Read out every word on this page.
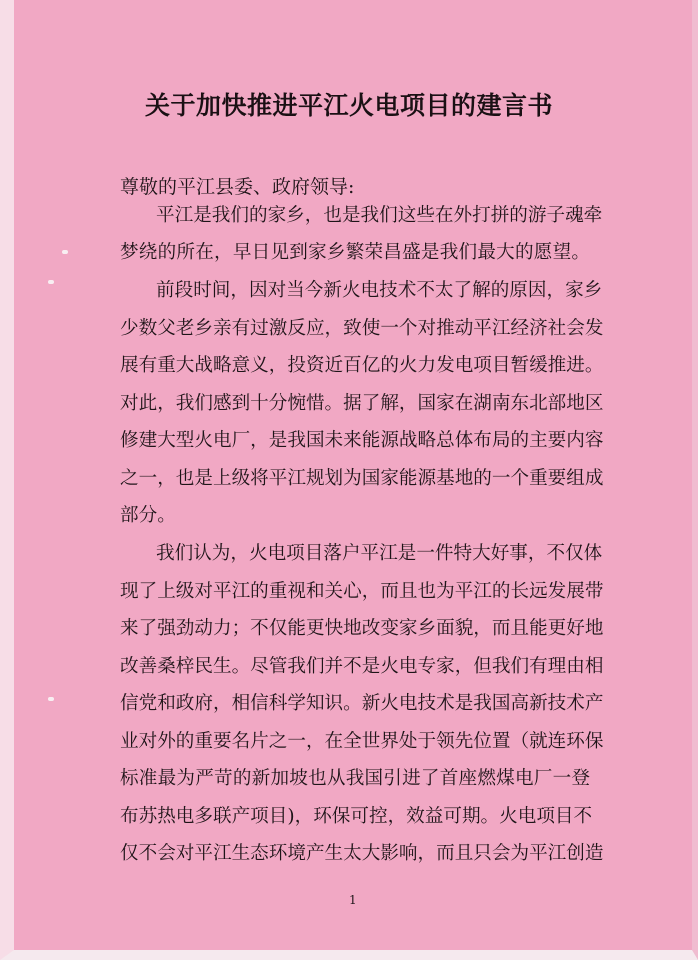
关于加快推进平江火电项目的建言书
尊敬的平江县委、政府领导:
平江是我们的家乡，也是我们这些在外打拼的游子魂牵
梦绕的所在，早日见到家乡繁荣昌盛是我们最大的愿望。
前段时间，因对当今新火电技术不太了解的原因，家乡
少数父老乡亲有过激反应，致使一个对推动平江经济社会发
展有重大战略意义，投资近百亿的火力发电项目暂缓推进。
对此，我们感到十分惋惜。据了解，国家在湖南东北部地区
修建大型火电厂，是我国未来能源战略总体布局的主要内容
之一，也是上级将平江规划为国家能源基地的一个重要组成
部分。
我们认为，火电项目落户平江是一件特大好事，不仅体
现了上级对平江的重视和关心，而且也为平江的长远发展带
来了强劲动力；不仅能更快地改变家乡面貌，而且能更好地
改善桑梓民生。尽管我们并不是火电专家，但我们有理由相
信党和政府，相信科学知识。新火电技术是我国高新技术产
业对外的重要名片之一，在全世界处于领先位置（就连环保
标准最为严苛的新加坡也从我国引进了首座燃煤电厂一登
布苏热电多联产项目)，环保可控，效益可期。火电项目不
仅不会对平江生态环境产生太大影响，而且只会为平江创造
1
